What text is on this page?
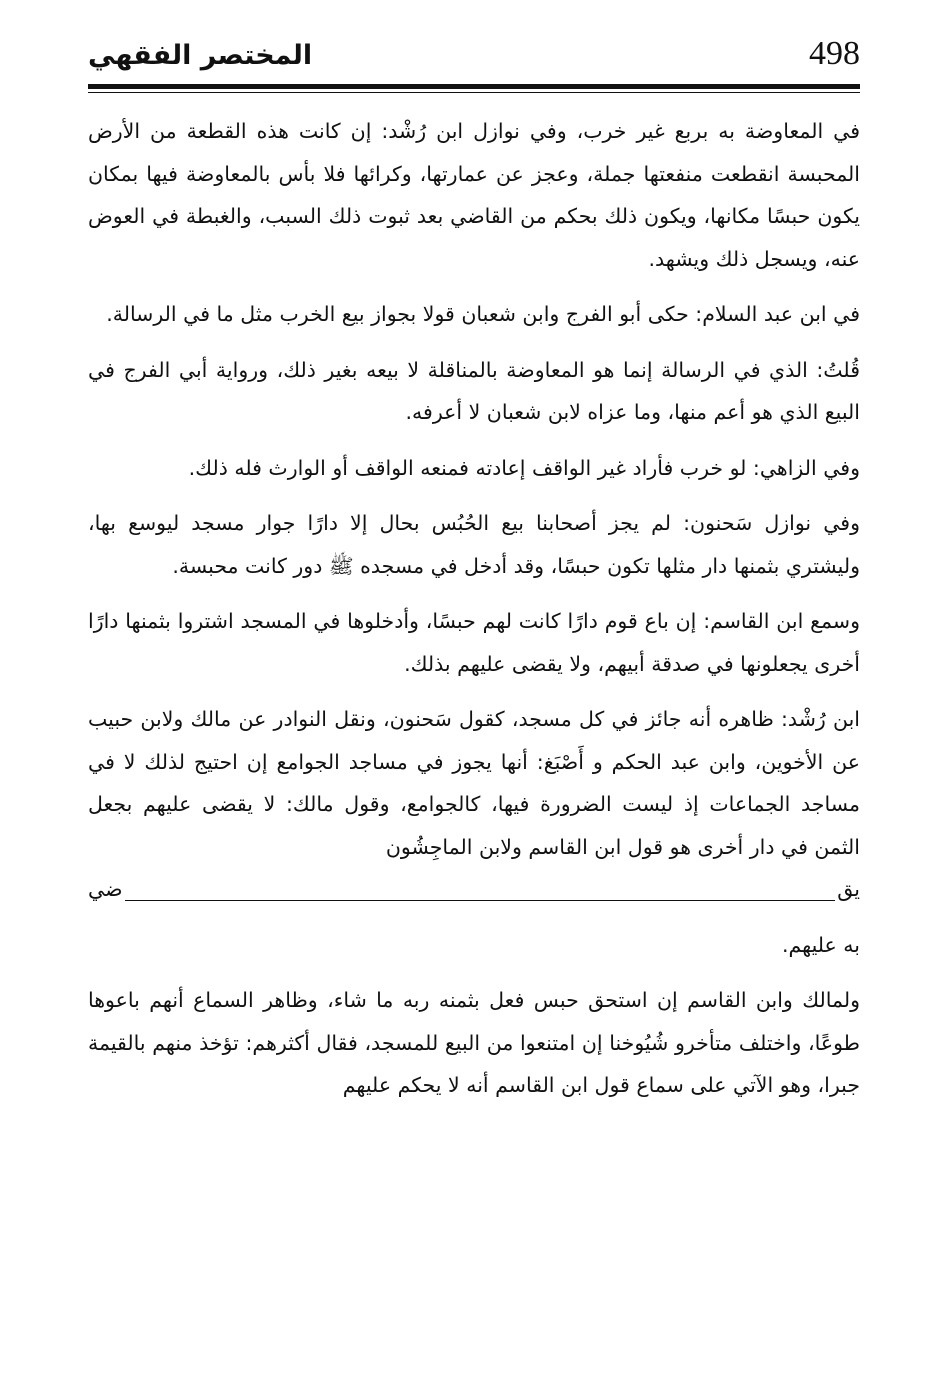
498
المختصر الفقهي

في المعاوضة به بربع غير خرب، وفي نوازل ابن رُشْد: إن كانت هذه القطعة من الأرض المحبسة انقطعت منفعتها جملة، وعجز عن عمارتها، وكرائها فلا بأس بالمعاوضة فيها بمكان يكون حبسًا مكانها، ويكون ذلك بحكم من القاضي بعد ثبوت ذلك السبب، والغبطة في العوض عنه، ويسجل ذلك ويشهد.

في ابن عبد السلام: حكى أبو الفرج وابن شعبان قولا بجواز بيع الخرب مثل ما في الرسالة.

قُلتُ: الذي في الرسالة إنما هو المعاوضة بالمناقلة لا بيعه بغير ذلك، ورواية أبي الفرج في البيع الذي هو أعم منها، وما عزاه لابن شعبان لا أعرفه.

وفي الزاهي: لو خرب فأراد غير الواقف إعادته فمنعه الواقف أو الوارث فله ذلك.

وفي نوازل سَحنون: لم يجز أصحابنا بيع الحُبُس بحال إلا دارًا جوار مسجد ليوسع بها، وليشتري بثمنها دار مثلها تكون حبسًا، وقد أدخل في مسجده ﷺ دور كانت محبسة.

وسمع ابن القاسم: إن باع قوم دارًا كانت لهم حبسًا، وأدخلوها في المسجد اشتروا بثمنها دارًا أخرى يجعلونها في صدقة أبيهم، ولا يقضى عليهم بذلك.

ابن رُشْد: ظاهره أنه جائز في كل مسجد، كقول سَحنون، ونقل النوادر عن مالك ولابن حبيب عن الأخوين، وابن عبد الحكم و أَصْبَغ: أنها يجوز في مساجد الجوامع إن احتيج لذلك لا في مساجد الجماعات إذ ليست الضرورة فيها، كالجوامع، وقول مالك: لا يقضى عليهم بجعل الثمن في دار أخرى هو قول ابن القاسم ولابن الماجِشُون

يق
ضي

به عليهم.

ولمالك وابن القاسم إن استحق حبس فعل بثمنه ربه ما شاء، وظاهر السماع أنهم باعوها طوعًا، واختلف متأخرو شُيُوخنا إن امتنعوا من البيع للمسجد، فقال أكثرهم: تؤخذ منهم بالقيمة جبرا، وهو الآتي على سماع قول ابن القاسم أنه لا يحكم عليهم
